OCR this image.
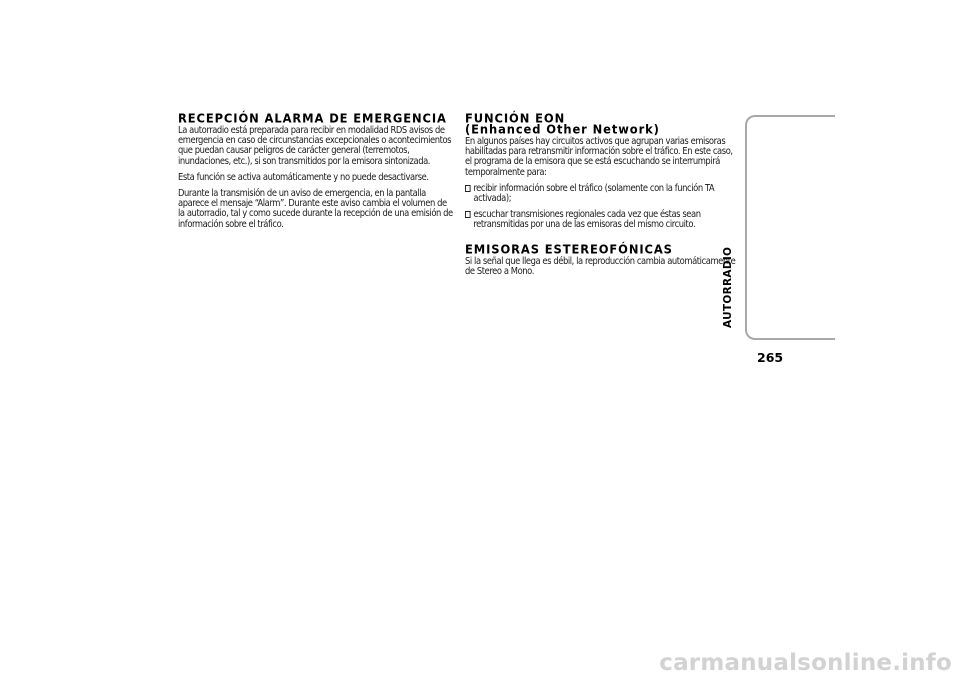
RECEPCIÓN ALARMA DE EMERGENCIA

La autorradio está preparada para recibir en modalidad RDS avisos de emergencia en caso de circunstancias excepcionales o acontecimientos que puedan causar peligros de carácter general (terremotos, inundaciones, etc.), si son transmitidos por la emisora sintonizada.

Esta función se activa automáticamente y no puede desactivarse.

Durante la transmisión de un aviso de emergencia, en la pantalla aparece el mensaje “Alarm”. Durante este aviso cambia el volumen de la autorradio, tal y como sucede durante la recepción de una emisión de información sobre el tráfico.

FUNCIÓN EON
(Enhanced Other Network)

En algunos países hay circuitos activos que agrupan varias emisoras habilitadas para retransmitir información sobre el tráfico. En este caso, el programa de la emisora que se está escuchando se interrumpirá temporalmente para:

recibir información sobre el tráfico (solamente con la función TA activada);
escuchar transmisiones regionales cada vez que éstas sean retransmitidas por una de las emisoras del mismo circuito.
EMISORAS ESTEREOFÓNICAS

Si la señal que llega es débil, la reproducción cambia automáticamente de Stereo a Mono.	AUTORRADIO
265
carmanualsonline.info
